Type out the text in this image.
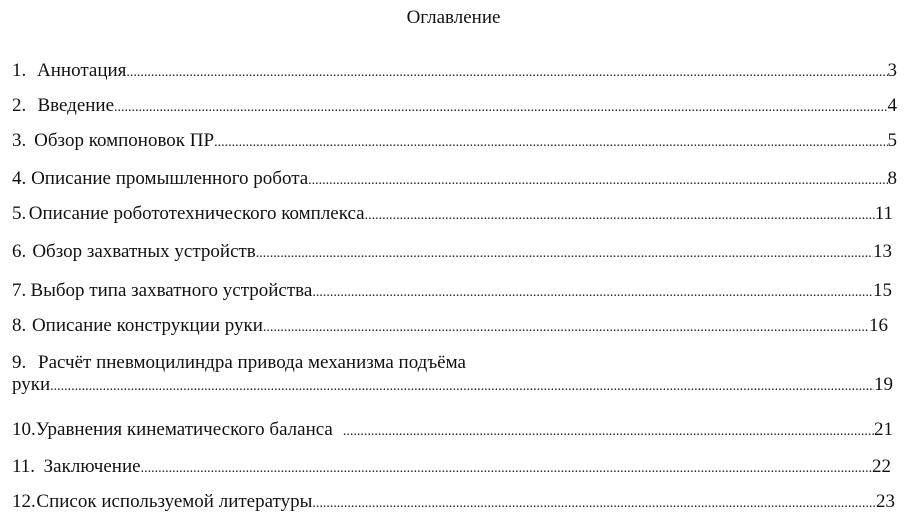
Оглавление
1. Аннотация .....	3
2. Введение .....	4
3. Обзор компоновок ПР .....	5
4. Описание промышленного робота .....	8
5. Описание робототехнического комплекса .....	11
6. Обзор захватных устройств .....	13
7. Выбор типа захватного устройства .....	15
8. Описание конструкции руки .....	16
9. Расчёт пневмоцилиндра привода механизма подъёма
руки .....	19
10. Уравнения кинематического баланса .....	21
11. Заключение .....	22
12. Список используемой литературы .....	23
